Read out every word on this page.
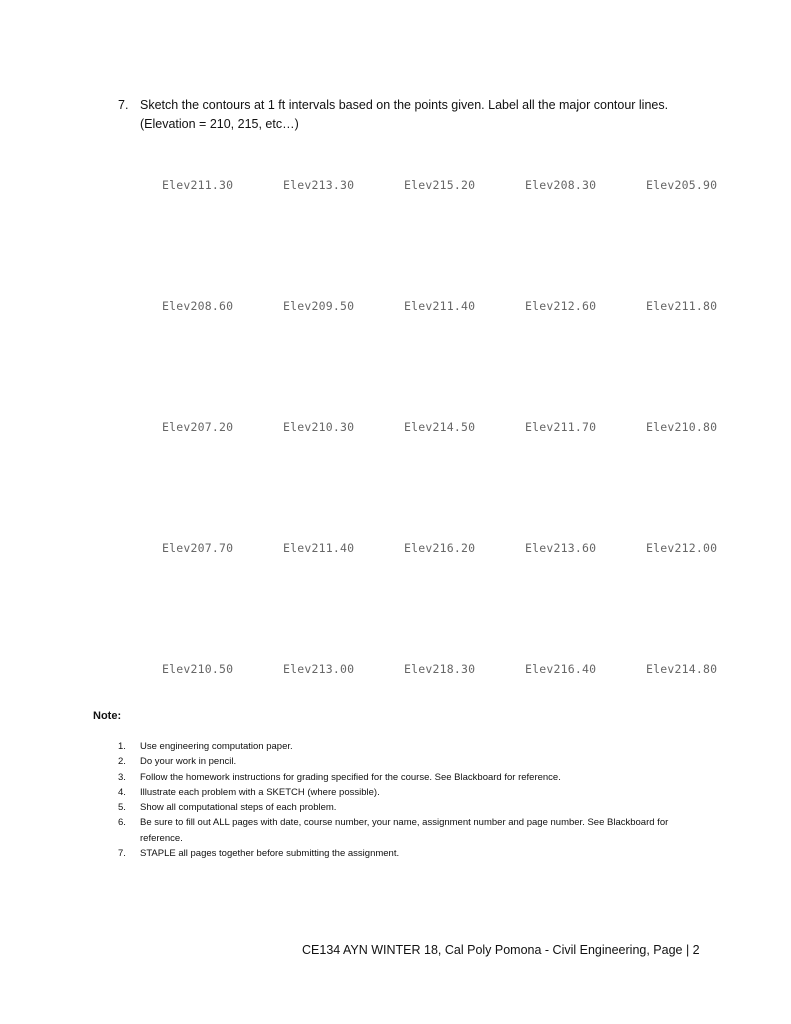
7. Sketch the contours at 1 ft intervals based on the points given. Label all the major contour lines.
(Elevation = 210, 215, etc…)
Elev211.30	Elev213.30	Elev215.20	Elev208.30	Elev205.90
Elev208.60	Elev209.50	Elev211.40	Elev212.60	Elev211.80
Elev207.20	Elev210.30	Elev214.50	Elev211.70	Elev210.80
Elev207.70	Elev211.40	Elev216.20	Elev213.60	Elev212.00
Elev210.50	Elev213.00	Elev218.30	Elev216.40	Elev214.80
Note:
1. Use engineering computation paper.
2. Do your work in pencil.
3. Follow the homework instructions for grading specified for the course. See Blackboard for reference.
4. Illustrate each problem with a SKETCH (where possible).
5. Show all computational steps of each problem.
6. Be sure to fill out ALL pages with date, course number, your name, assignment number and page number. See Blackboard for reference.
7. STAPLE all pages together before submitting the assignment.
CE134 AYN WINTER 18, Cal Poly Pomona - Civil Engineering, Page | 2
